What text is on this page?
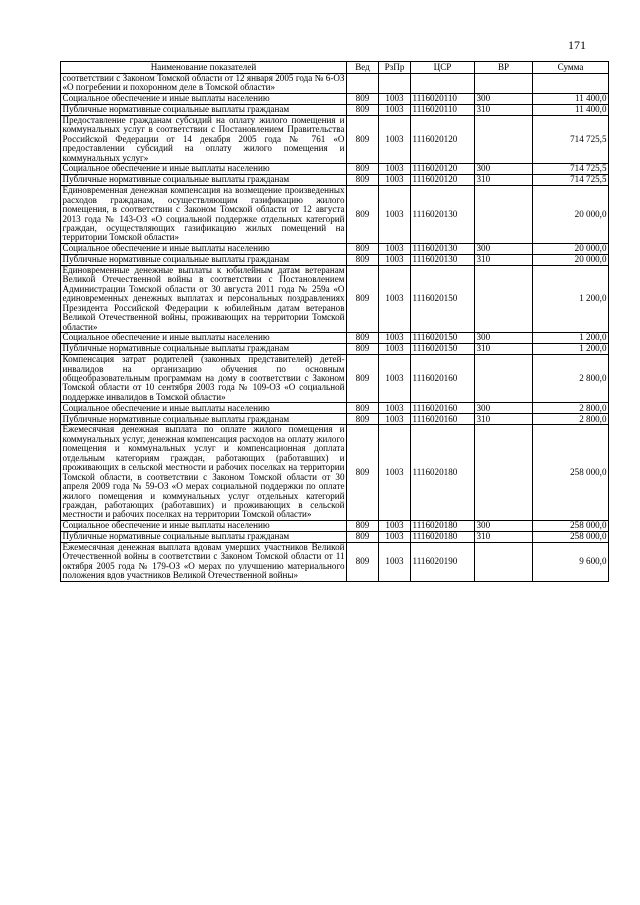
171
Наименование показателей	Вед	РзПр	ЦСР	ВР	Сумма
соответствии с Законом Томской области от 12 января 2005 года № 6-ОЗ «О погребении и похоронном деле в Томской области»					
Социальное обеспечение и иные выплаты населению	809	1003	1116020110	300	11 400,0
Публичные нормативные социальные выплаты гражданам	809	1003	1116020110	310	11 400,0
Предоставление гражданам субсидий на оплату жилого помещения и коммунальных услуг в соответствии с Постановлением Правительства Российской Федерации от 14 декабря 2005 года № 761 «О предоставлении субсидий на оплату жилого помещения и коммунальных услуг»	809	1003	1116020120		714 725,5
Социальное обеспечение и иные выплаты населению	809	1003	1116020120	300	714 725,5
Публичные нормативные социальные выплаты гражданам	809	1003	1116020120	310	714 725,5
Единовременная денежная компенсация на возмещение произведенных расходов гражданам, осуществляющим газификацию жилого помещения, в соответствии с Законом Томской области от 12 августа 2013 года № 143-ОЗ «О социальной поддержке отдельных категорий граждан, осуществляющих газификацию жилых помещений на территории Томской области»	809	1003	1116020130		20 000,0
Социальное обеспечение и иные выплаты населению	809	1003	1116020130	300	20 000,0
Публичные нормативные социальные выплаты гражданам	809	1003	1116020130	310	20 000,0
Единовременные денежные выплаты к юбилейным датам ветеранам Великой Отечественной войны в соответствии с Постановлением Администрации Томской области от 30 августа 2011 года № 259а «О единовременных денежных выплатах и персональных поздравлениях Президента Российской Федерации к юбилейным датам ветеранов Великой Отечественной войны, проживающих на территории Томской области»	809	1003	1116020150		1 200,0
Социальное обеспечение и иные выплаты населению	809	1003	1116020150	300	1 200,0
Публичные нормативные социальные выплаты гражданам	809	1003	1116020150	310	1 200,0
Компенсация затрат родителей (законных представителей) детей-инвалидов на организацию обучения по основным общеобразовательным программам на дому в соответствии с Законом Томской области от 10 сентября 2003 года № 109-ОЗ «О социальной поддержке инвалидов в Томской области»	809	1003	1116020160		2 800,0
Социальное обеспечение и иные выплаты населению	809	1003	1116020160	300	2 800,0
Публичные нормативные социальные выплаты гражданам	809	1003	1116020160	310	2 800,0
Ежемесячная денежная выплата по оплате жилого помещения и коммунальных услуг, денежная компенсация расходов на оплату жилого помещения и коммунальных услуг и компенсационная доплата отдельным категориям граждан, работающих (работавших) и проживающих в сельской местности и рабочих поселках на территории Томской области, в соответствии с Законом Томской области от 30 апреля 2009 года № 59-ОЗ «О мерах социальной поддержки по оплате жилого помещения и коммунальных услуг отдельных категорий граждан, работающих (работавших) и проживающих в сельской местности и рабочих поселках на территории Томской области»	809	1003	1116020180		258 000,0
Социальное обеспечение и иные выплаты населению	809	1003	1116020180	300	258 000,0
Публичные нормативные социальные выплаты гражданам	809	1003	1116020180	310	258 000,0
Ежемесячная денежная выплата вдовам умерших участников Великой Отечественной войны в соответствии с Законом Томской области от 11 октября 2005 года № 179-ОЗ «О мерах по улучшению материального положения вдов участников Великой Отечественной войны»	809	1003	1116020190		9 600,0
